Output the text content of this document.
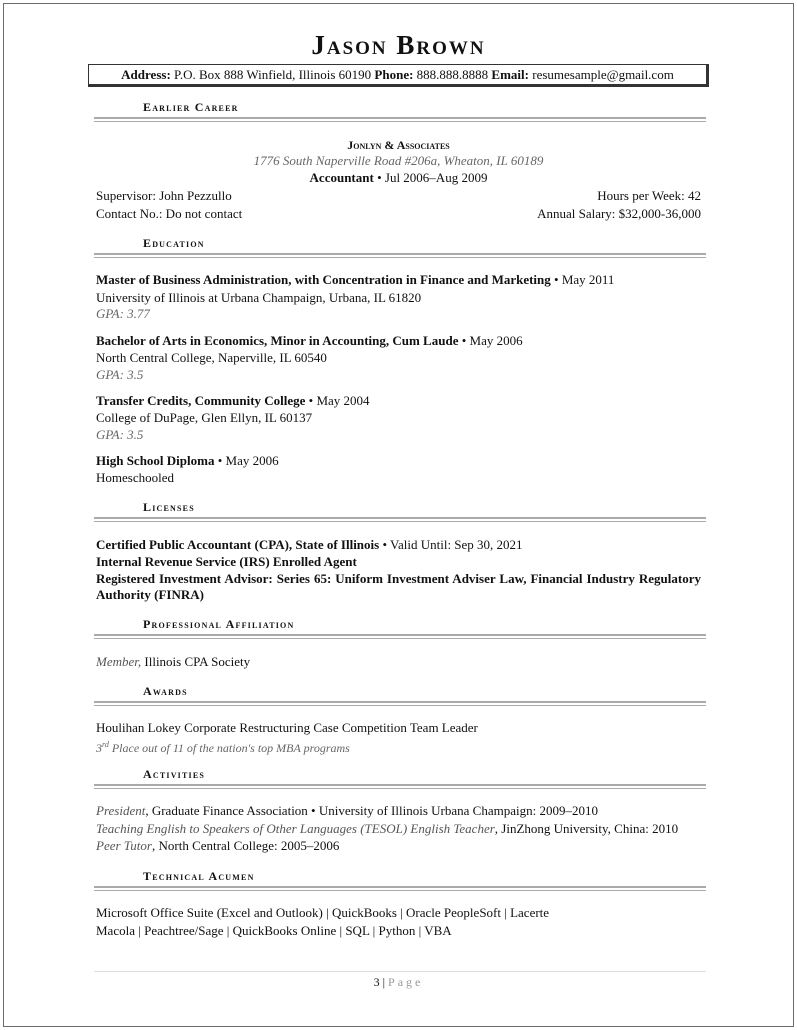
Jason Brown
Address: P.O. Box 888 Winfield, Illinois 60190 Phone: 888.888.8888 Email: resumesample@gmail.com
Earlier Career
Jonlyn & Associates
1776 South Naperville Road #206a, Wheaton, IL 60189
Accountant • Jul 2006–Aug 2009
Supervisor: John Pezzullo	Hours per Week: 42
Contact No.: Do not contact	Annual Salary: $32,000-36,000
Education
Master of Business Administration, with Concentration in Finance and Marketing • May 2011
University of Illinois at Urbana Champaign, Urbana, IL 61820
GPA: 3.77
Bachelor of Arts in Economics, Minor in Accounting, Cum Laude • May 2006
North Central College, Naperville, IL 60540
GPA: 3.5
Transfer Credits, Community College • May 2004
College of DuPage, Glen Ellyn, IL 60137
GPA: 3.5
High School Diploma • May 2006
Homeschooled
Licenses
Certified Public Accountant (CPA), State of Illinois • Valid Until: Sep 30, 2021
Internal Revenue Service (IRS) Enrolled Agent
Registered Investment Advisor: Series 65: Uniform Investment Adviser Law, Financial Industry Regulatory Authority (FINRA)
Professional Affiliation
Member, Illinois CPA Society
Awards
Houlihan Lokey Corporate Restructuring Case Competition Team Leader
3rd Place out of 11 of the nation's top MBA programs
Activities
President, Graduate Finance Association • University of Illinois Urbana Champaign: 2009–2010
Teaching English to Speakers of Other Languages (TESOL) English Teacher, JinZhong University, China: 2010
Peer Tutor, North Central College: 2005–2006
Technical Acumen
Microsoft Office Suite (Excel and Outlook) | QuickBooks | Oracle PeopleSoft | Lacerte
Macola | Peachtree/Sage | QuickBooks Online | SQL | Python | VBA
3 | Page
